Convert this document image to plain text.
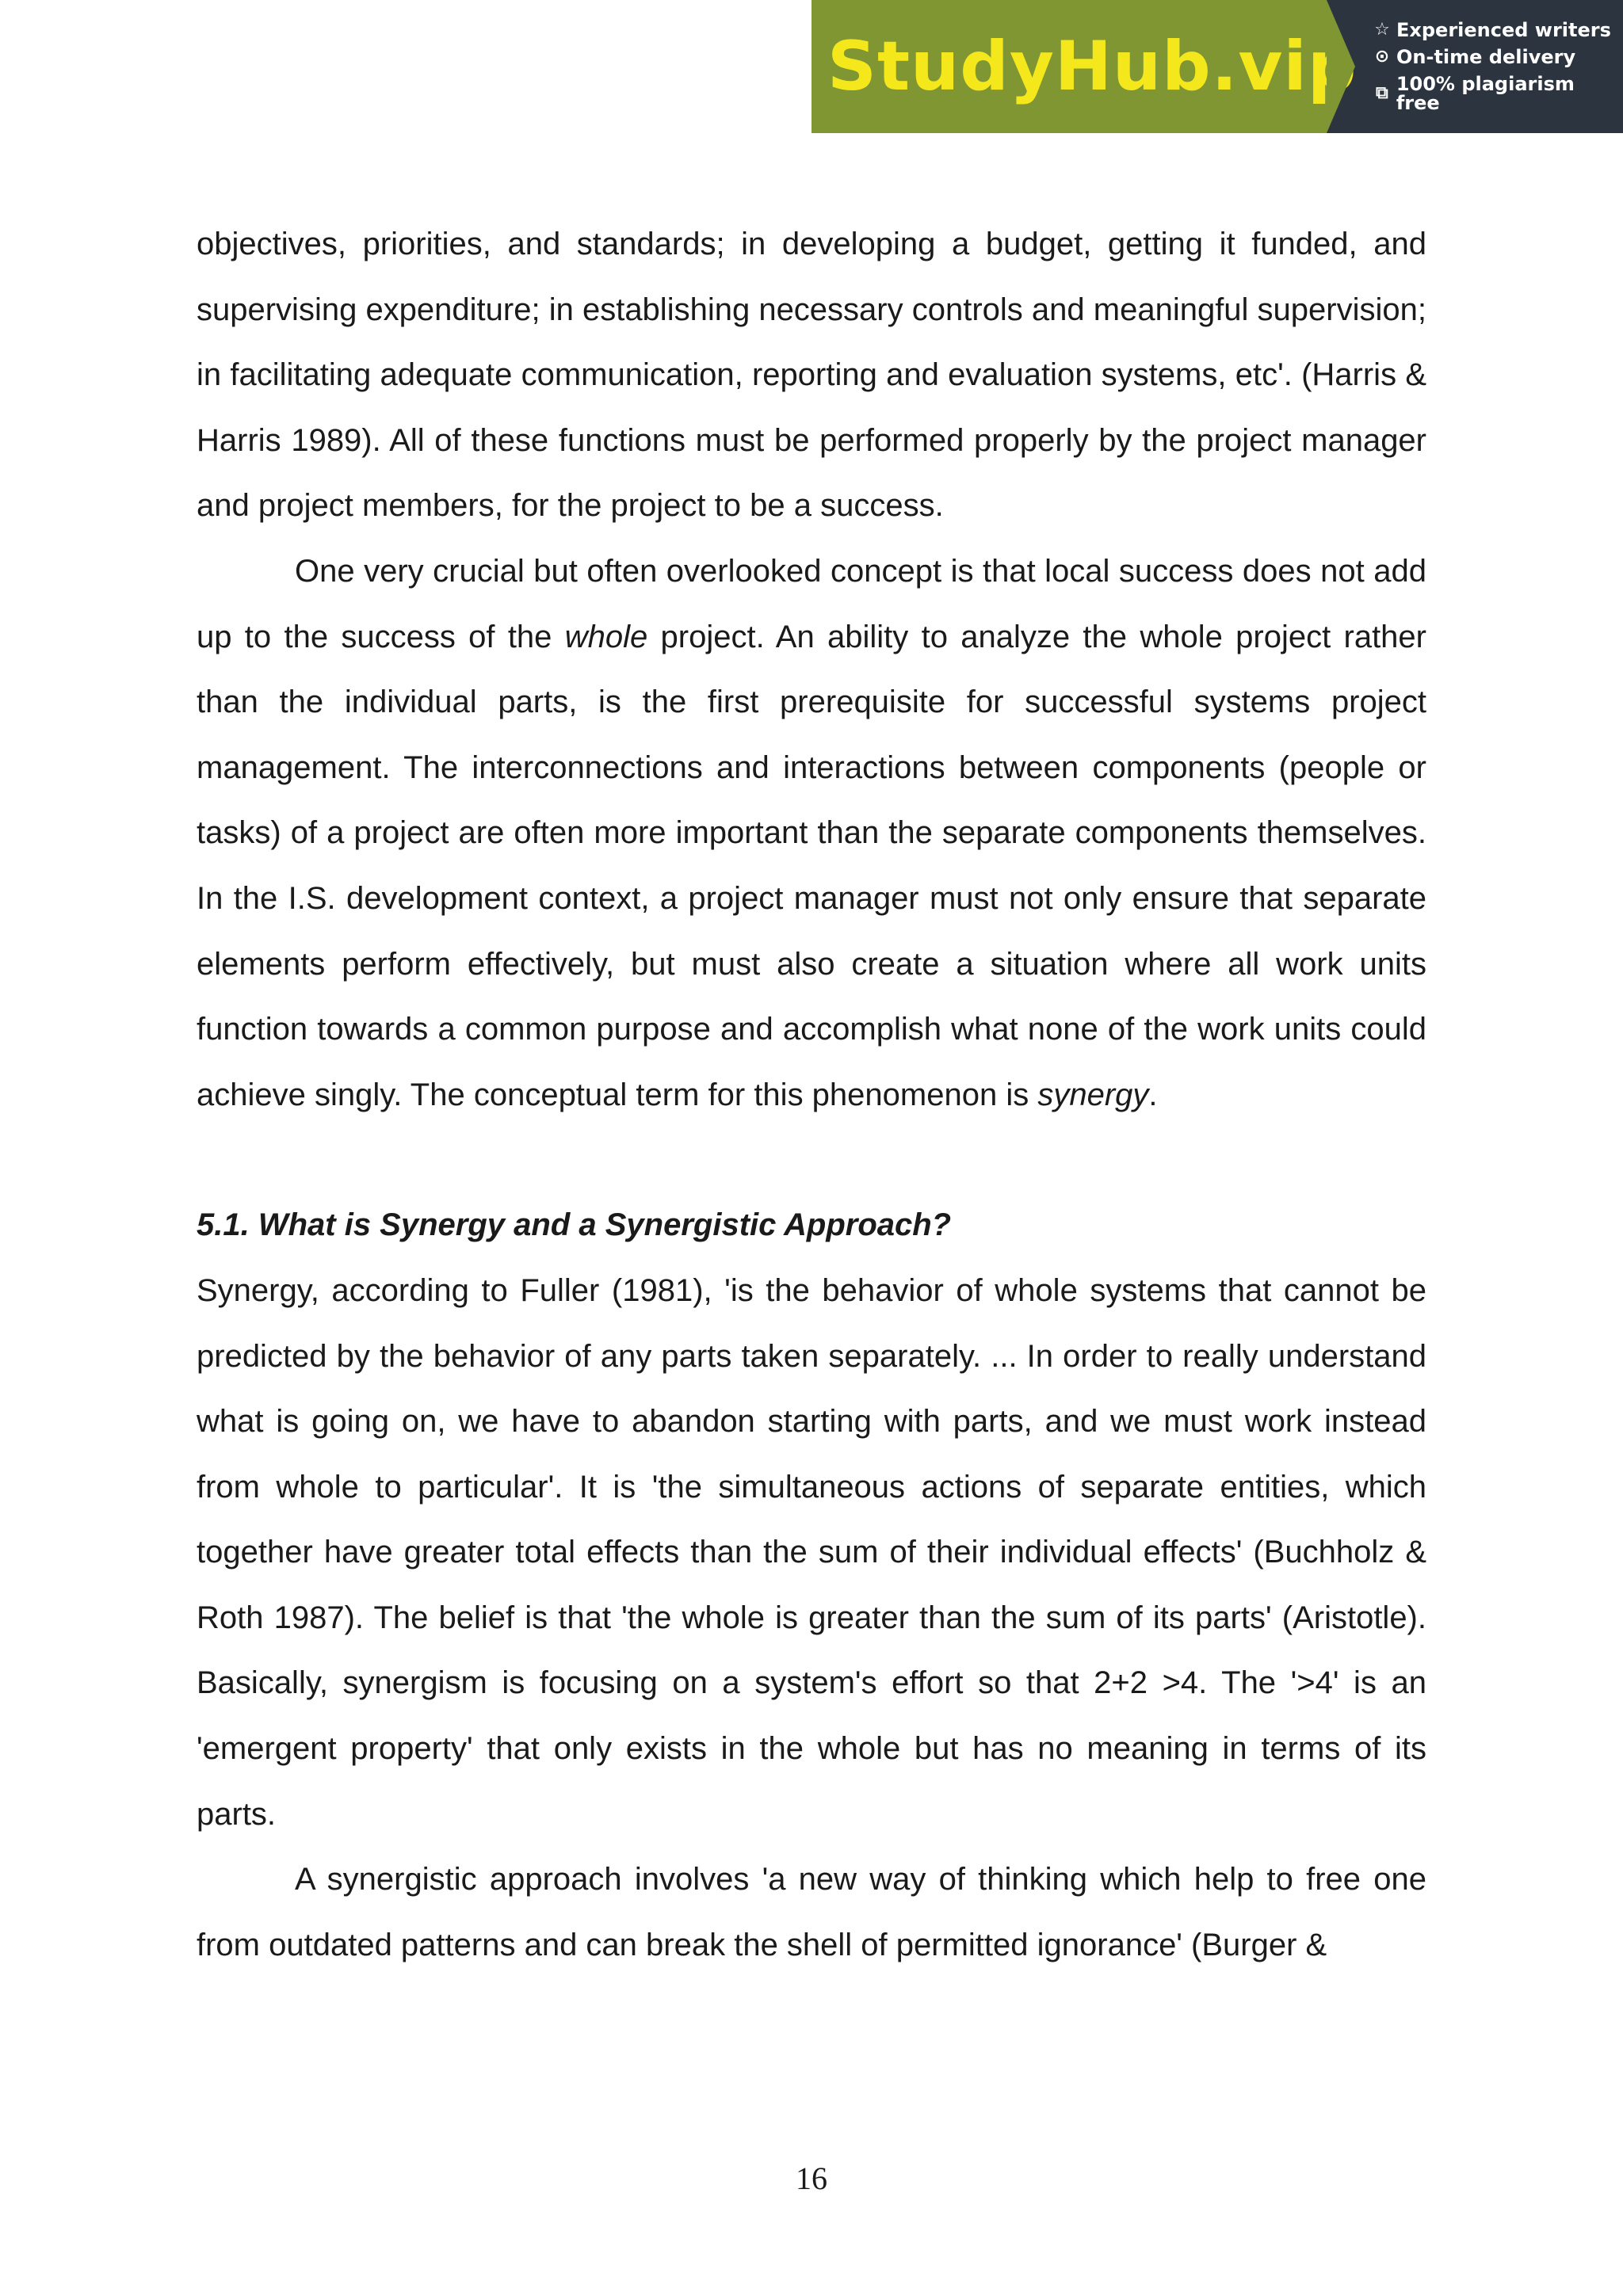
StudyHub.vip ☆ Experienced writers
⊙ On-time delivery
⧉ 100% plagiarism free

objectives, priorities, and standards; in developing a budget, getting it funded, and supervising expenditure; in establishing necessary controls and meaningful supervision; in facilitating adequate communication, reporting and evaluation systems, etc'. (Harris & Harris 1989). All of these functions must be performed properly by the project manager and project members, for the project to be a success.

One very crucial but often overlooked concept is that local success does not add up to the success of the whole project. An ability to analyze the whole project rather than the individual parts, is the first prerequisite for successful systems project management. The interconnections and interactions between components (people or tasks) of a project are often more important than the separate components themselves. In the I.S. development context, a project manager must not only ensure that separate elements perform effectively, but must also create a situation where all work units function towards a common purpose and accomplish what none of the work units could achieve singly. The conceptual term for this phenomenon is synergy.

5.1. What is Synergy and a Synergistic Approach?

Synergy, according to Fuller (1981), 'is the behavior of whole systems that cannot be predicted by the behavior of any parts taken separately. ... In order to really understand what is going on, we have to abandon starting with parts, and we must work instead from whole to particular'. It is 'the simultaneous actions of separate entities, which together have greater total effects than the sum of their individual effects' (Buchholz & Roth 1987). The belief is that 'the whole is greater than the sum of its parts' (Aristotle). Basically, synergism is focusing on a system's effort so that 2+2 >4. The '>4' is an 'emergent property' that only exists in the whole but has no meaning in terms of its parts.

A synergistic approach involves 'a new way of thinking which help to free one from outdated patterns and can break the shell of permitted ignorance' (Burger &

16
